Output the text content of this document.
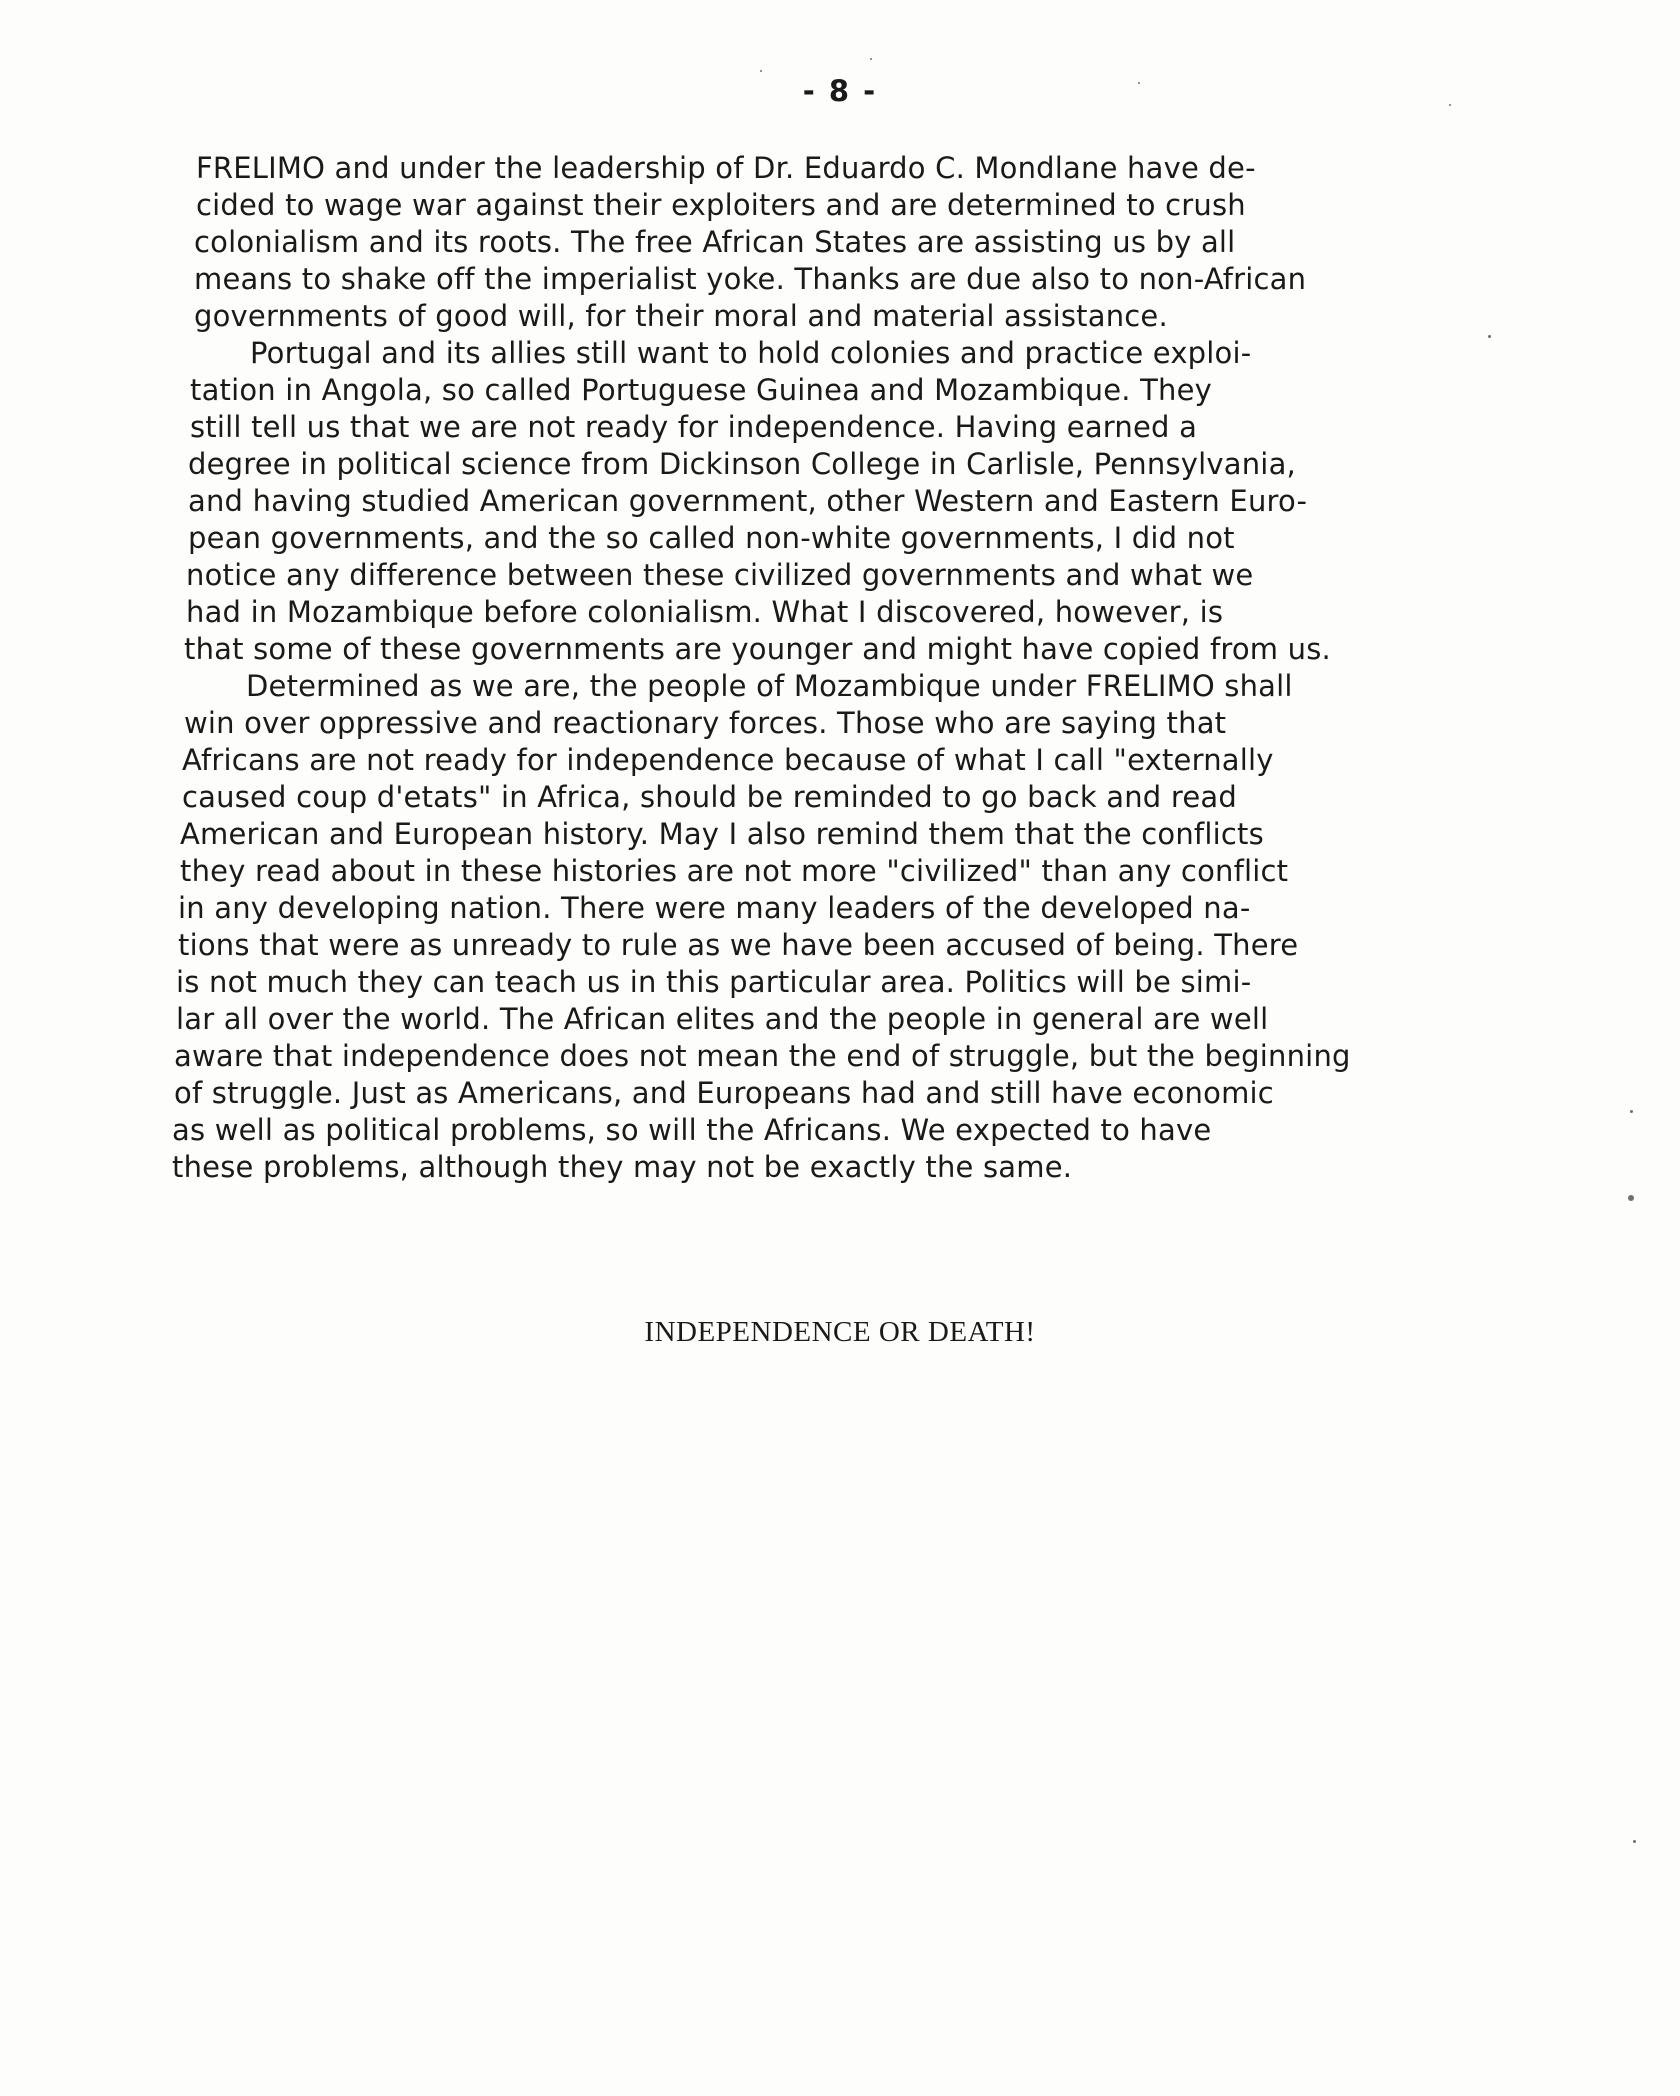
- 8 -
FRELIMO and under the leadership of Dr. Eduardo C. Mondlane have de-
cided to wage war against their exploiters and are determined to crush
colonialism and its roots. The free African States are assisting us by all
means to shake off the imperialist yoke. Thanks are due also to non-African
governments of good will, for their moral and material assistance.
Portugal and its allies still want to hold colonies and practice exploi-
tation in Angola, so called Portuguese Guinea and Mozambique. They
still tell us that we are not ready for independence. Having earned a
degree in political science from Dickinson College in Carlisle, Pennsylvania,
and having studied American government, other Western and Eastern Euro-
pean governments, and the so called non-white governments, I did not
notice any difference between these civilized governments and what we
had in Mozambique before colonialism. What I discovered, however, is
that some of these governments are younger and might have copied from us.
Determined as we are, the people of Mozambique under FRELIMO shall
win over oppressive and reactionary forces. Those who are saying that
Africans are not ready for independence because of what I call "externally
caused coup d'etats" in Africa, should be reminded to go back and read
American and European history. May I also remind them that the conflicts
they read about in these histories are not more "civilized" than any conflict
in any developing nation. There were many leaders of the developed na-
tions that were as unready to rule as we have been accused of being. There
is not much they can teach us in this particular area. Politics will be simi-
lar all over the world. The African elites and the people in general are well
aware that independence does not mean the end of struggle, but the beginning
of struggle. Just as Americans, and Europeans had and still have economic
as well as political problems, so will the Africans. We expected to have
these problems, although they may not be exactly the same.
INDEPENDENCE OR DEATH!
